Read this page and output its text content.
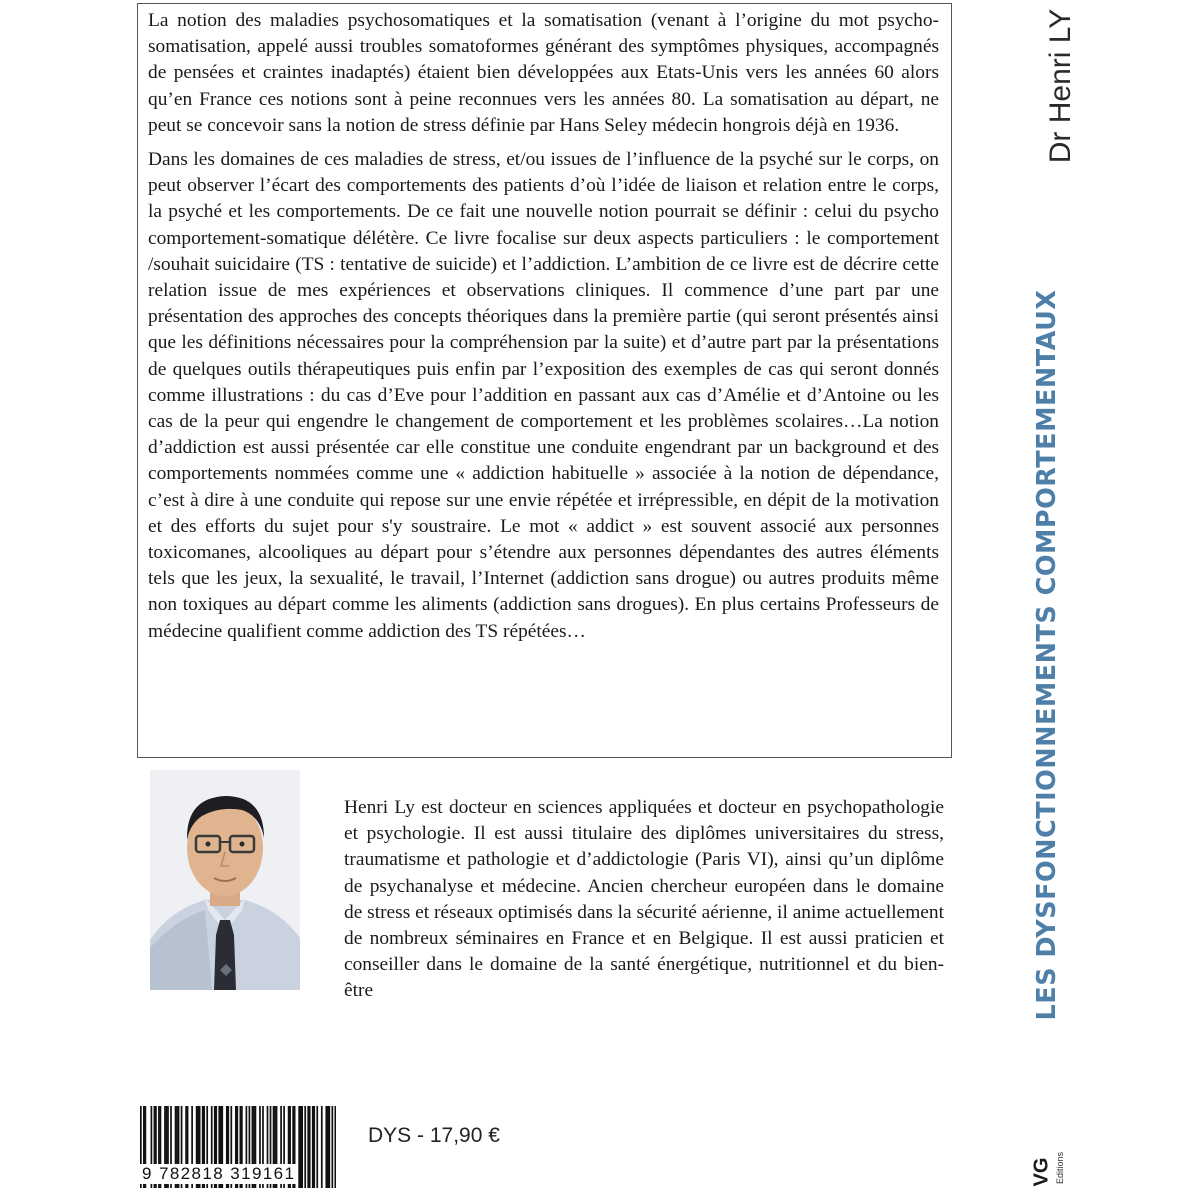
La notion des maladies psychosomatiques et la somatisation (venant à l’origine du mot psycho-somatisation, appelé aussi troubles somatoformes générant des symptômes physiques, accompagnés de pensées et craintes inadaptés) étaient bien développées aux Etats-Unis vers les années 60 alors qu’en France ces notions sont à peine reconnues vers les années 80. La somatisation au départ, ne peut se concevoir sans la notion de stress définie par Hans Seley médecin hongrois déjà en 1936.

Dans les domaines de ces maladies de stress, et/ou issues de l’influence de la psyché sur le corps, on peut observer l’écart des comportements des patients d’où l’idée de liaison et relation entre le corps, la psyché et les comportements. De ce fait une nouvelle notion pourrait se définir : celui du psycho comportement-somatique délétère. Ce livre focalise sur deux aspects particuliers : le comportement /souhait suicidaire (TS : tentative de suicide) et l’addiction. L’ambition de ce livre est de décrire cette relation issue de mes expériences et observations cliniques. Il commence d’une part par une présentation des approches des concepts théoriques dans la première partie (qui seront présentés ainsi que les définitions nécessaires pour la compréhension par la suite) et d’autre part par la présentations de quelques outils thérapeutiques puis enfin par l’exposition des exemples de cas qui seront donnés comme illustrations : du cas d’Eve pour l’addition en passant aux cas d’Amélie et d’Antoine ou les cas de la peur qui engendre le changement de comportement et les problèmes scolaires…La notion d’addiction est aussi présentée car elle constitue une conduite engendrant par un background et des comportements nommées comme une « addiction habituelle » associée à la notion de dépendance, c’est à dire à une conduite qui repose sur une envie répétée et irrépressible, en dépit de la motivation et des efforts du sujet pour s'y soustraire. Le mot « addict » est souvent associé aux personnes toxicomanes, alcooliques au départ pour s’étendre aux personnes dépendantes des autres éléments tels que les jeux, la sexualité, le travail, l’Internet (addiction sans drogue) ou autres produits même non toxiques au départ comme les aliments (addiction sans drogues). En plus certains Professeurs de médecine qualifient comme addiction des TS répétées…

Henri Ly est docteur en sciences appliquées et docteur en psychopathologie et psychologie. Il est aussi titulaire des diplômes universitaires du stress, traumatisme et pathologie et d’addictologie (Paris VI), ainsi qu’un diplôme de psychanalyse et médecine. Ancien chercheur européen dans le domaine de stress et réseaux optimisés dans la sécurité aérienne, il anime actuellement de nombreux séminaires en France et en Belgique. Il est aussi praticien et conseiller dans le domaine de la santé énergétique, nutritionnel et du bien-être

9 782818 319161
DYS - 17,90 €
Dr Henri LY
LES DYSFONCTIONNEMENTS COMPORTEMENTAUX
VG Editions
